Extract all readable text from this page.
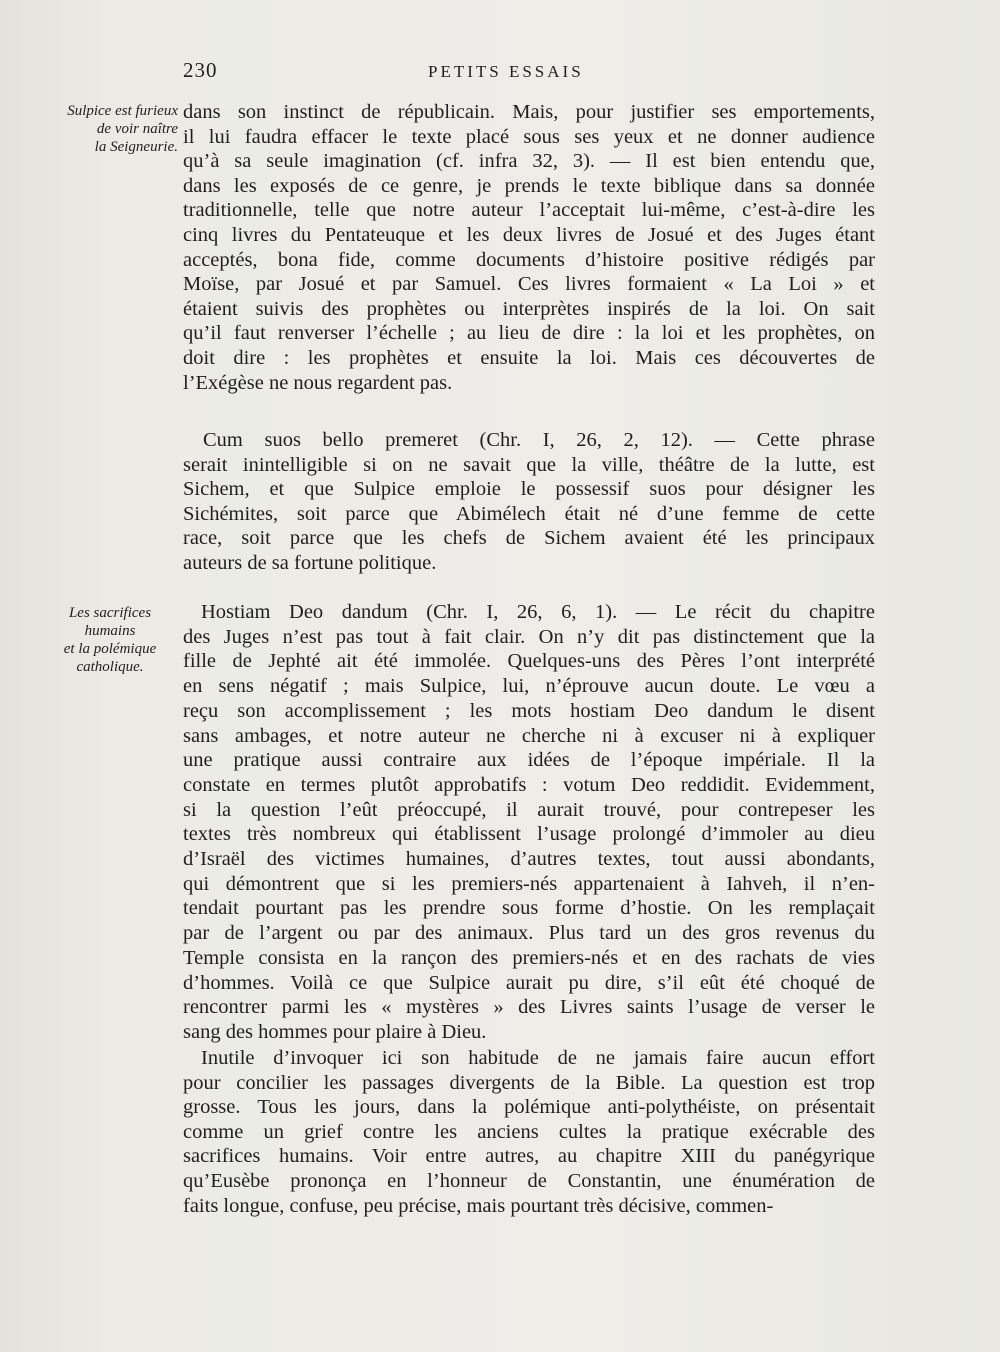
230	PETITS ESSAIS
Sulpice est furieux
de voir naître
la Seigneurie.
Les sacrifices
humains
et la polémique
catholique.
dans son instinct de républicain. Mais, pour justifier ses emportements,
il lui faudra effacer le texte placé sous ses yeux et ne donner audience
qu’à sa seule imagination (cf. infra 32, 3). — Il est bien entendu que,
dans les exposés de ce genre, je prends le texte biblique dans sa donnée
traditionnelle, telle que notre auteur l’acceptait lui-même, c’est-à-dire les
cinq livres du Pentateuque et les deux livres de Josué et des Juges étant
acceptés, bona fide, comme documents d’histoire positive rédigés par
Moïse, par Josué et par Samuel. Ces livres formaient « La Loi » et
étaient suivis des prophètes ou interprètes inspirés de la loi. On sait
qu’il faut renverser l’échelle ; au lieu de dire : la loi et les prophètes, on
doit dire : les prophètes et ensuite la loi. Mais ces découvertes de
l’Exégèse ne nous regardent pas.
Cum suos bello premeret (Chr. I, 26, 2, 12). — Cette phrase
serait inintelligible si on ne savait que la ville, théâtre de la lutte, est
Sichem, et que Sulpice emploie le possessif suos pour désigner les
Sichémites, soit parce que Abimélech était né d’une femme de cette
race, soit parce que les chefs de Sichem avaient été les principaux
auteurs de sa fortune politique.
Hostiam Deo dandum (Chr. I, 26, 6, 1). — Le récit du chapitre
des Juges n’est pas tout à fait clair. On n’y dit pas distinctement que la
fille de Jephté ait été immolée. Quelques-uns des Pères l’ont interprété
en sens négatif ; mais Sulpice, lui, n’éprouve aucun doute. Le vœu a
reçu son accomplissement ; les mots hostiam Deo dandum le disent
sans ambages, et notre auteur ne cherche ni à excuser ni à expliquer
une pratique aussi contraire aux idées de l’époque impériale. Il la
constate en termes plutôt approbatifs : votum Deo reddidit. Evidemment,
si la question l’eût préoccupé, il aurait trouvé, pour contrepeser les
textes très nombreux qui établissent l’usage prolongé d’immoler au dieu
d’Israël des victimes humaines, d’autres textes, tout aussi abondants,
qui démontrent que si les premiers-nés appartenaient à Iahveh, il n’en-
tendait pourtant pas les prendre sous forme d’hostie. On les remplaçait
par de l’argent ou par des animaux. Plus tard un des gros revenus du
Temple consista en la rançon des premiers-nés et en des rachats de vies
d’hommes. Voilà ce que Sulpice aurait pu dire, s’il eût été choqué de
rencontrer parmi les « mystères » des Livres saints l’usage de verser le
sang des hommes pour plaire à Dieu.
Inutile d’invoquer ici son habitude de ne jamais faire aucun effort
pour concilier les passages divergents de la Bible. La question est trop
grosse. Tous les jours, dans la polémique anti-polythéiste, on présentait
comme un grief contre les anciens cultes la pratique exécrable des
sacrifices humains. Voir entre autres, au chapitre XIII du panégyrique
qu’Eusèbe prononça en l’honneur de Constantin, une énumération de
faits longue, confuse, peu précise, mais pourtant très décisive, commen-
